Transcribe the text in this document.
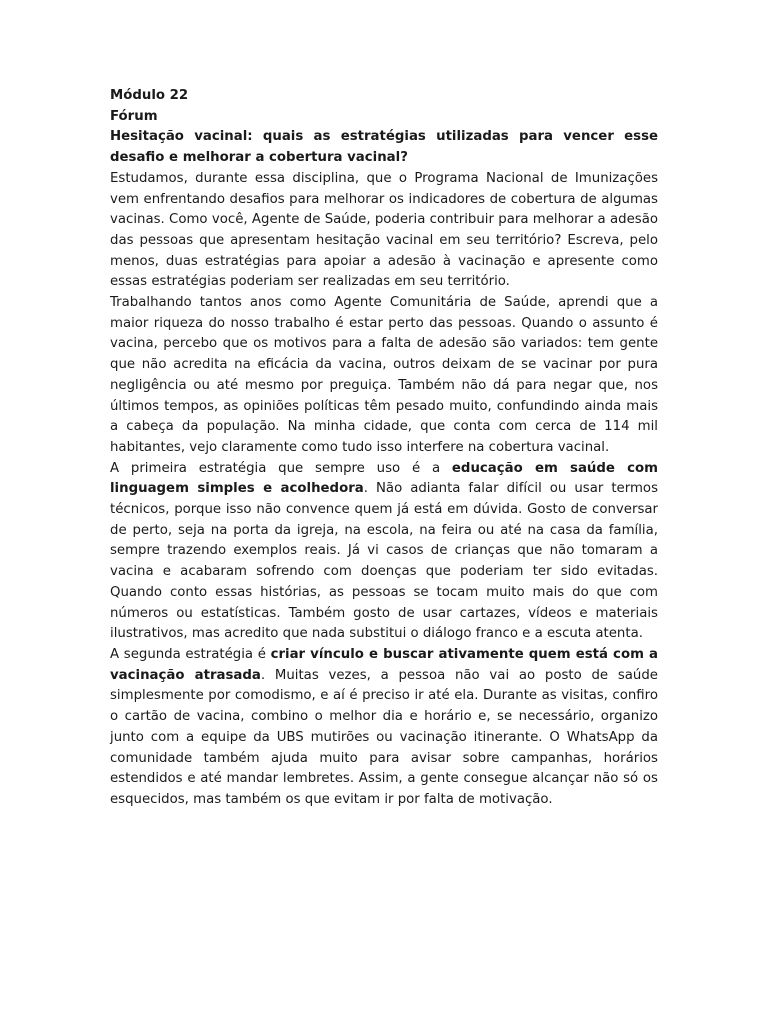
Módulo 22

Fórum

Hesitação vacinal: quais as estratégias utilizadas para vencer esse desafio e melhorar a cobertura vacinal?

Estudamos, durante essa disciplina, que o Programa Nacional de Imunizações vem enfrentando desafios para melhorar os indicadores de cobertura de algumas vacinas. Como você, Agente de Saúde, poderia contribuir para melhorar a adesão das pessoas que apresentam hesitação vacinal em seu território? Escreva, pelo menos, duas estratégias para apoiar a adesão à vacinação e apresente como essas estratégias poderiam ser realizadas em seu território.

Trabalhando tantos anos como Agente Comunitária de Saúde, aprendi que a maior riqueza do nosso trabalho é estar perto das pessoas. Quando o assunto é vacina, percebo que os motivos para a falta de adesão são variados: tem gente que não acredita na eficácia da vacina, outros deixam de se vacinar por pura negligência ou até mesmo por preguiça. Também não dá para negar que, nos últimos tempos, as opiniões políticas têm pesado muito, confundindo ainda mais a cabeça da população. Na minha cidade, que conta com cerca de 114 mil habitantes, vejo claramente como tudo isso interfere na cobertura vacinal.

A primeira estratégia que sempre uso é a educação em saúde com linguagem simples e acolhedora. Não adianta falar difícil ou usar termos técnicos, porque isso não convence quem já está em dúvida. Gosto de conversar de perto, seja na porta da igreja, na escola, na feira ou até na casa da família, sempre trazendo exemplos reais. Já vi casos de crianças que não tomaram a vacina e acabaram sofrendo com doenças que poderiam ter sido evitadas. Quando conto essas histórias, as pessoas se tocam muito mais do que com números ou estatísticas. Também gosto de usar cartazes, vídeos e materiais ilustrativos, mas acredito que nada substitui o diálogo franco e a escuta atenta.

A segunda estratégia é criar vínculo e buscar ativamente quem está com a vacinação atrasada. Muitas vezes, a pessoa não vai ao posto de saúde simplesmente por comodismo, e aí é preciso ir até ela. Durante as visitas, confiro o cartão de vacina, combino o melhor dia e horário e, se necessário, organizo junto com a equipe da UBS mutirões ou vacinação itinerante. O WhatsApp da comunidade também ajuda muito para avisar sobre campanhas, horários estendidos e até mandar lembretes. Assim, a gente consegue alcançar não só os esquecidos, mas também os que evitam ir por falta de motivação.
